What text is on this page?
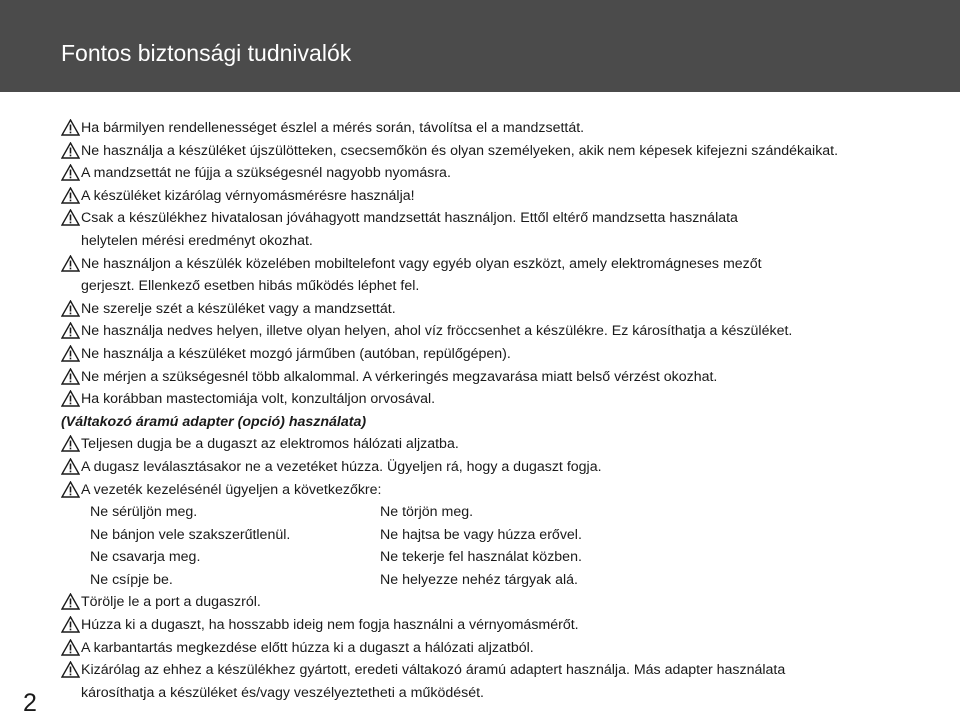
Fontos biztonsági tudnivalók
Ha bármilyen rendellenességet észlel a mérés során, távolítsa el a mandzsettát.
Ne használja a készüléket újszülötteken, csecsemőkön és olyan személyeken, akik nem képesek kifejezni szándékaikat.
A mandzsettát ne fújja a szükségesnél nagyobb nyomásra.
A készüléket kizárólag vérnyomásmérésre használja!
Csak a készülékhez hivatalosan jóváhagyott mandzsettát használjon. Ettől eltérő mandzsetta használata
helytelen mérési eredményt okozhat.
Ne használjon a készülék közelében mobiltelefont vagy egyéb olyan eszközt, amely elektromágneses mezőt
gerjeszt. Ellenkező esetben hibás működés léphet fel.
Ne szerelje szét a készüléket vagy a mandzsettát.
Ne használja nedves helyen, illetve olyan helyen, ahol víz fröccsenhet a készülékre. Ez károsíthatja a készüléket.
Ne használja a készüléket mozgó járműben (autóban, repülőgépen).
Ne mérjen a szükségesnél több alkalommal. A vérkeringés megzavarása miatt belső vérzést okozhat.
Ha korábban mastectomiája volt, konzultáljon orvosával.
(Váltakozó áramú adapter (opció) használata)
Teljesen dugja be a dugaszt az elektromos hálózati aljzatba.
A dugasz leválasztásakor ne a vezetéket húzza. Ügyeljen rá, hogy a dugaszt fogja.
A vezeték kezelésénél ügyeljen a következőkre:
Ne sérüljön meg.	Ne törjön meg.
Ne bánjon vele szakszerűtlenül.	Ne hajtsa be vagy húzza erővel.
Ne csavarja meg.	Ne tekerje fel használat közben.
Ne csípje be.	Ne helyezze nehéz tárgyak alá.
Törölje le a port a dugaszról.
Húzza ki a dugaszt, ha hosszabb ideig nem fogja használni a vérnyomásmérőt.
A karbantartás megkezdése előtt húzza ki a dugaszt a hálózati aljzatból.
Kizárólag az ehhez a készülékhez gyártott, eredeti váltakozó áramú adaptert használja. Más adapter használata
károsíthatja a készüléket és/vagy veszélyeztetheti a működését.
2
